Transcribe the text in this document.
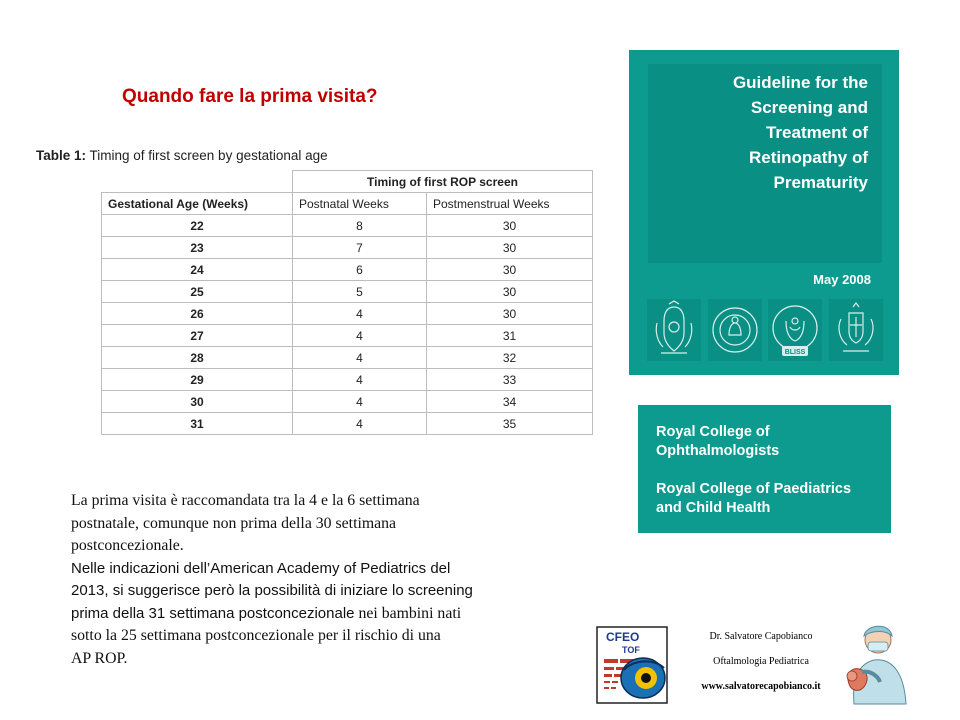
Quando fare la prima visita?
Table 1: Timing of first screen by gestational age
	Timing of first ROP screen	
Gestational Age (Weeks)	Postnatal Weeks	Postmenstrual Weeks
22	8	30
23	7	30
24	6	30
25	5	30
26	4	30
27	4	31
28	4	32
29	4	33
30	4	34
31	4	35
La prima visita è raccomandata tra la 4 e la 6 settimana
postnatale, comunque non prima della 30 settimana
postconcezionale.
Nelle indicazioni dell’American Academy of Pediatrics del
2013, si suggerisce però la possibilità di iniziare lo screening
prima della 31 settimana postconcezionale nei bambini nati
sotto la 25 settimana postconcezionale per il rischio di una
AP ROP.
Guideline for the
Screening and
Treatment of
Retinopathy of
Prematurity
May 2008
BLISS
Royal College of
Ophthalmologists
Royal College of Paediatrics
and Child Health
CFEO
TOF
Dr. Salvatore Capobianco
Oftalmologia Pediatrica
www.salvatorecapobianco.it
